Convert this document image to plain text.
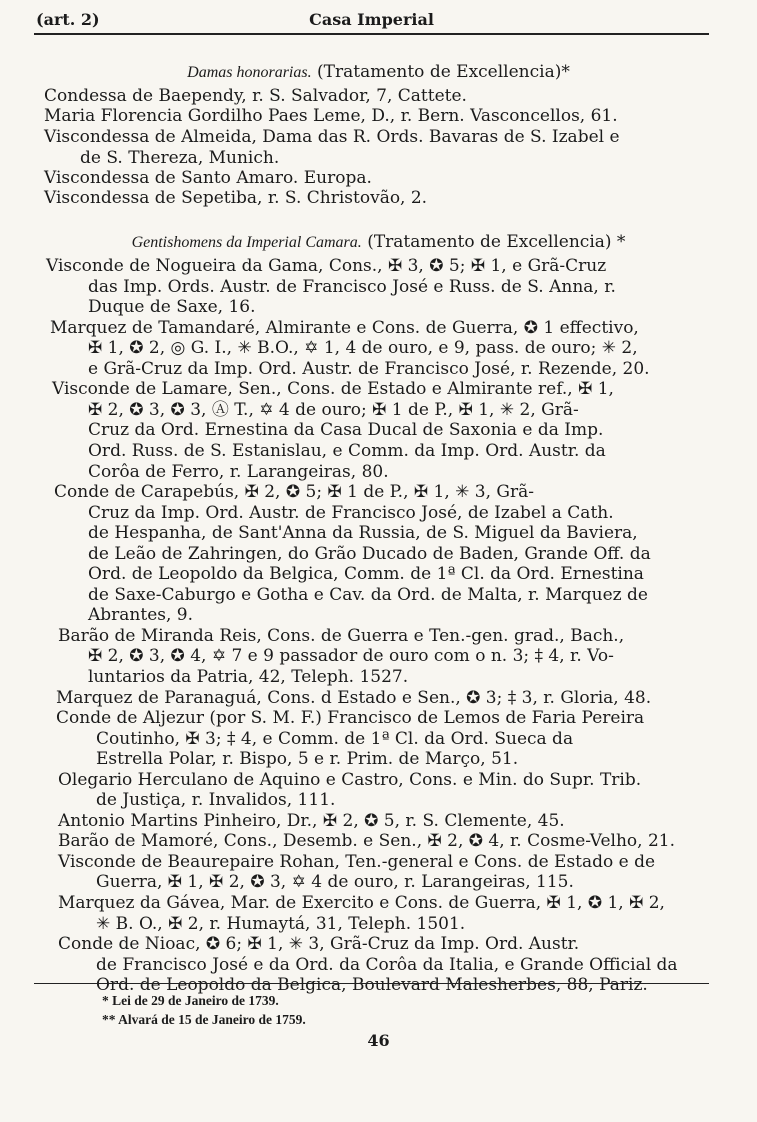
(art. 2)	Casa Imperial
Damas honorarias. (Tratamento de Excellencia)*
Condessa de Baependy, r. S. Salvador, 7, Cattete.
Maria Florencia Gordilho Paes Leme, D., r. Bern. Vasconcellos, 61.
Viscondessa de Almeida, Dama das R. Ords. Bavaras de S. Izabel e
de S. Thereza, Munich.
Viscondessa de Santo Amaro. Europa.
Viscondessa de Sepetiba, r. S. Christovão, 2.
Gentishomens da Imperial Camara. (Tratamento de Excellencia) *
Visconde de Nogueira da Gama, Cons., ✠ 3, ✪ 5; ✠ 1, e Grã-Cruz
das Imp. Ords. Austr. de Francisco José e Russ. de S. Anna, r.
Duque de Saxe, 16.
Marquez de Tamandaré, Almirante e Cons. de Guerra, ✪ 1 effectivo,
✠ 1, ✪ 2, ◎ G. I., ✳ B.O., ✡ 1, 4 de ouro, e 9, pass. de ouro; ✳ 2,
e Grã-Cruz da Imp. Ord. Austr. de Francisco José, r. Rezende, 20.
Visconde de Lamare, Sen., Cons. de Estado e Almirante ref., ✠ 1,
✠ 2, ✪ 3, ✪ 3, Ⓐ T., ✡ 4 de ouro; ✠ 1 de P., ✠ 1, ✳ 2, Grã-
Cruz da Ord. Ernestina da Casa Ducal de Saxonia e da Imp.
Ord. Russ. de S. Estanislau, e Comm. da Imp. Ord. Austr. da
Corôa de Ferro, r. Larangeiras, 80.
Conde de Carapebús, ✠ 2, ✪ 5; ✠ 1 de P., ✠ 1, ✳ 3, Grã-
Cruz da Imp. Ord. Austr. de Francisco José, de Izabel a Cath.
de Hespanha, de Sant'Anna da Russia, de S. Miguel da Baviera,
de Leão de Zahringen, do Grão Ducado de Baden, Grande Off. da
Ord. de Leopoldo da Belgica, Comm. de 1ª Cl. da Ord. Ernestina
de Saxe-Caburgo e Gotha e Cav. da Ord. de Malta, r. Marquez de
Abrantes, 9.
Barão de Miranda Reis, Cons. de Guerra e Ten.-gen. grad., Bach.,
✠ 2, ✪ 3, ✪ 4, ✡ 7 e 9 passador de ouro com o n. 3; ‡ 4, r. Vo-
luntarios da Patria, 42, Teleph. 1527.
Marquez de Paranaguá, Cons. d Estado e Sen., ✪ 3; ‡ 3, r. Gloria, 48.
Conde de Aljezur (por S. M. F.) Francisco de Lemos de Faria Pereira
Coutinho, ✠ 3; ‡ 4, e Comm. de 1ª Cl. da Ord. Sueca da
Estrella Polar, r. Bispo, 5 e r. Prim. de Março, 51.
Olegario Herculano de Aquino e Castro, Cons. e Min. do Supr. Trib.
de Justiça, r. Invalidos, 111.
Antonio Martins Pinheiro, Dr., ✠ 2, ✪ 5, r. S. Clemente, 45.
Barão de Mamoré, Cons., Desemb. e Sen., ✠ 2, ✪ 4, r. Cosme-Velho, 21.
Visconde de Beaurepaire Rohan, Ten.-general e Cons. de Estado e de
Guerra, ✠ 1, ✠ 2, ✪ 3, ✡ 4 de ouro, r. Larangeiras, 115.
Marquez da Gávea, Mar. de Exercito e Cons. de Guerra, ✠ 1, ✪ 1, ✠ 2,
✳ B. O., ✠ 2, r. Humaytá, 31, Teleph. 1501.
Conde de Nioac, ✪ 6; ✠ 1, ✳ 3, Grã-Cruz da Imp. Ord. Austr.
de Francisco José e da Ord. da Corôa da Italia, e Grande Official da
Ord. de Leopoldo da Belgica, Boulevard Malesherbes, 88, Pariz.
* Lei de 29 de Janeiro de 1739.
** Alvará de 15 de Janeiro de 1759.
46
